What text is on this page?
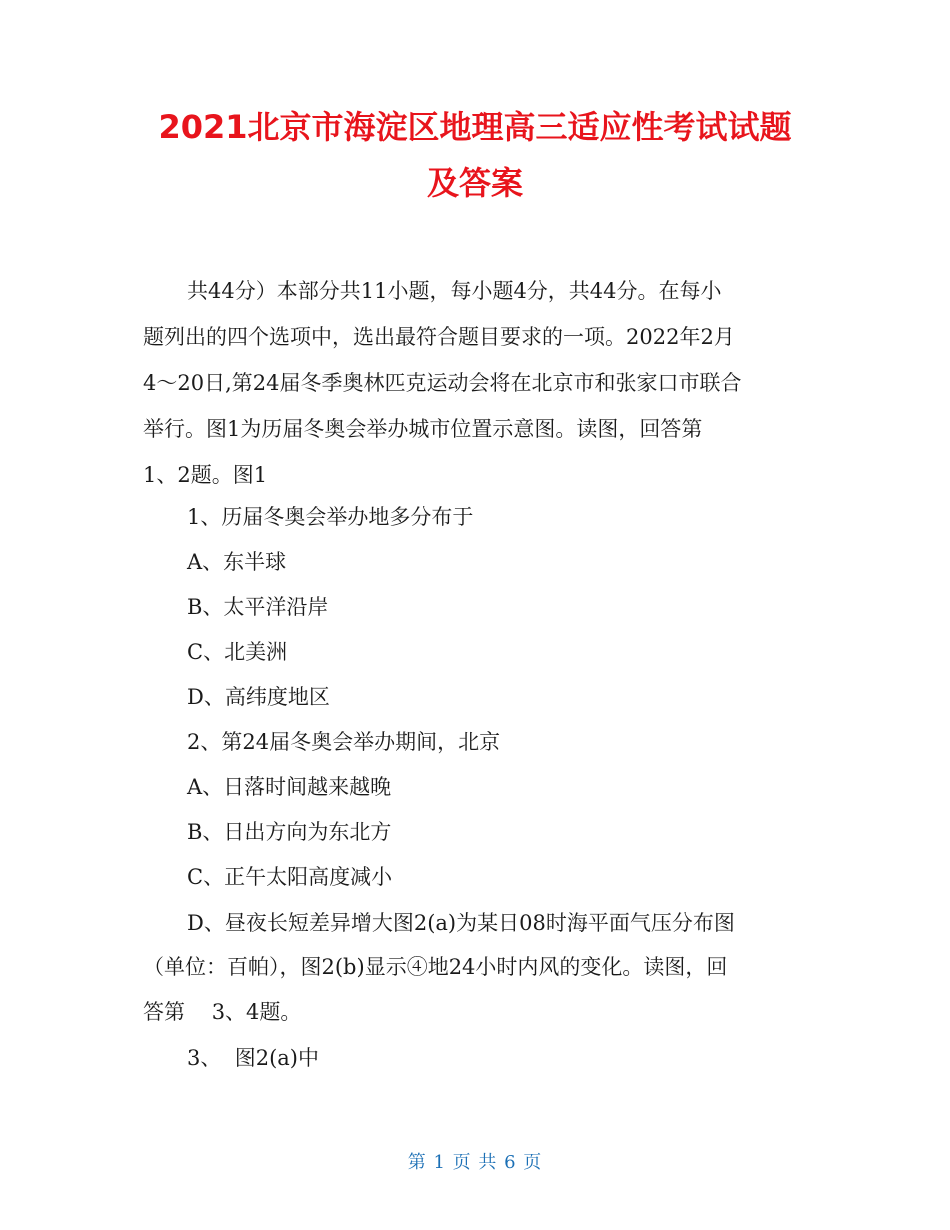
2021北京市海淀区地理高三适应性考试试题
及答案
共44分）本部分共11小题，每小题4分，共44分。在每小
题列出的四个选项中，选出最符合题目要求的一项。2022年2月
4～20日,第24届冬季奥林匹克运动会将在北京市和张家口市联合
举行。图1为历届冬奥会举办城市位置示意图。读图，回答第
1、2题。图1
1、历届冬奥会举办地多分布于
A、东半球
B、太平洋沿岸
C、北美洲
D、高纬度地区
2、第24届冬奥会举办期间，北京
A、日落时间越来越晚
B、日出方向为东北方
C、正午太阳高度减小
D、昼夜长短差异增大图2(a)为某日08时海平面气压分布图
（单位：百帕），图2(b)显示④地24小时内风的变化。读图，回
答第    3、4题。
3、  图2(a)中
第 1 页 共 6 页
